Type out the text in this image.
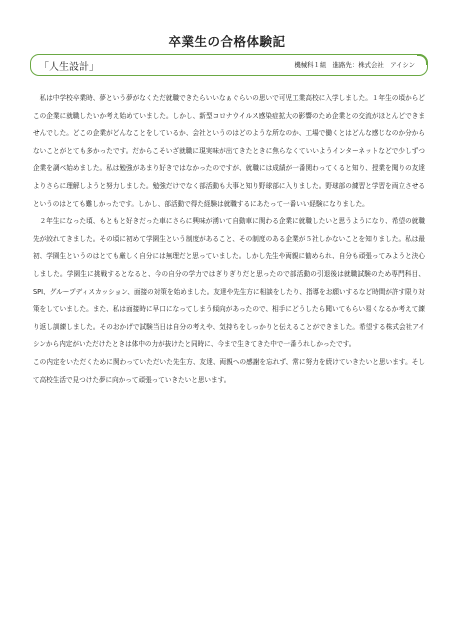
卒業生の合格体験記
「人生設計」	機械科１組　 進路先：株式会社　アイシン

私は中学校卒業時、夢という夢がなくただ就職できたらいいなぁぐらいの思いで可児工業高校に入学しました。１年生の頃からどこの企業に就職したいか考え始めていました。しかし、新型コロナウイルス感染症拡大の影響のため企業との交流がほとんどできませんでした。どこの企業がどんなことをしているか、会社というのはどのような所なのか、工場で働くとはどんな感じなのか分からないことがとても多かったです。だからこそいざ就職に現実味が出てきたときに焦らなくていいようインターネットなどで少しずつ企業を調べ始めました。私は勉強があまり好きではなかったのですが、就職には成績が一番関わってくると知り、授業を聞りの友達よりさらに理解しようと努力しました。勉強だけでなく部活動も大事と知り野球部に入りました。野球部の練習と学習を両立させるというのはとても難しかったです。しかし、部活動で得た経験は就職するにあたって一番いい経験になりました。

２年生になった頃、もともと好きだった車にさらに興味が湧いて自動車に関わる企業に就職したいと思うようになり、希望の就職先が絞れてきました。その頃に初めて学園生という制度があること、その制度のある企業が５社しかないことを知りました。私は最初、学園生というのはとても厳しく自分には無理だと思っていました。しかし先生や両親に勧められ、自分も頑張ってみようと決心しました。学園生に挑戦するとなると、今の自分の学力ではぎりぎりだと思ったので部活動の引退後は就職試験のため専門科目、SPI、グループディスカッション、面接の対策を始めました。友達や先生方に相談をしたり、指導をお願いするなど時間が許す限り対策をしていました。また、私は面接時に早口になってしまう傾向があったので、相手にどうしたら聞いてもらい易くなるか考えて練り返し訓練しました。そのおかげで試験当日は自分の考えや、気持ちをしっかりと伝えることができました。希望する株式会社アイシンから内定がいただけたときは体中の力が抜けたと同時に、今まで生きてきた中で一番うれしかったです。

この内定をいただくために関わっていただいた先生方、友達、両親への感謝を忘れず、常に努力を続けていきたいと思います。そして高校生活で見つけた夢に向かって頑張っていきたいと思います。
